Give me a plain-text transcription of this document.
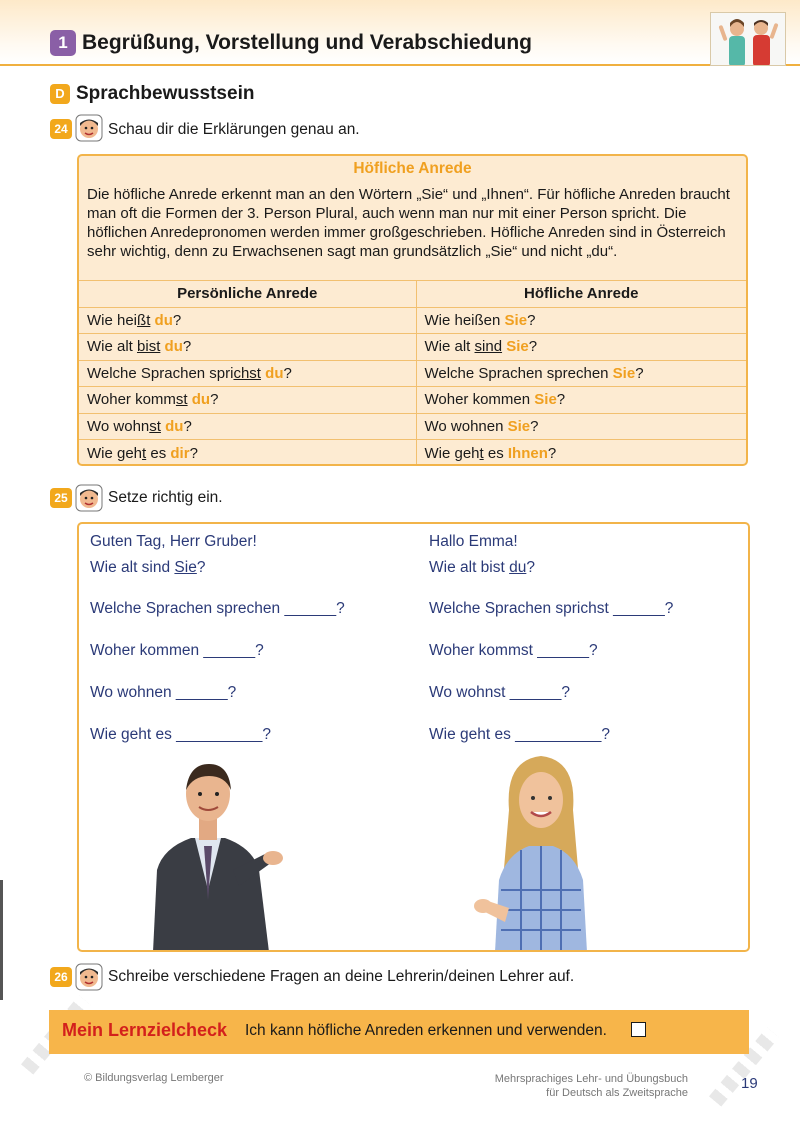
1 Begrüßung, Vorstellung und Verabschiedung
D Sprachbewusstsein
24	Schau dir die Erklärungen genau an.
Höfliche Anrede
Die höfliche Anrede erkennt man an den Wörtern „Sie“ und „Ihnen“. Für höfliche Anreden braucht man oft die Formen der 3. Person Plural, auch wenn man nur mit einer Person spricht. Die höflichen Anredepronomen werden immer großgeschrieben. Höfliche Anreden sind in Österreich sehr wichtig, denn zu Erwachsenen sagt man grundsätzlich „Sie“ und nicht „du“.
Persönliche Anrede	Höfliche Anrede
Wie heißt du?	Wie heißen Sie?
Wie alt bist du?	Wie alt sind Sie?
Welche Sprachen sprichst du?	Welche Sprachen sprechen Sie?
Woher kommst du?	Woher kommen Sie?
Wo wohnst du?	Wo wohnen Sie?
Wie geht es dir?	Wie geht es Ihnen?
25	Setze richtig ein.
Guten Tag, Herr Gruber!
Wie alt sind Sie?
Welche Sprachen sprechen ______?
Woher kommen ______?
Wo wohnen ______?
Wie geht es __________?
Hallo Emma!
Wie alt bist du?
Welche Sprachen sprichst ______?
Woher kommst ______?
Wo wohnst ______?
Wie geht es __________?
26	Schreibe verschiedene Fragen an deine Lehrerin/deinen Lehrer auf.
Mein Lernzielcheck Ich kann höfliche Anreden erkennen und verwenden.
© Bildungsverlag Lemberger	Mehrsprachiges Lehr- und Übungsbuch
für Deutsch als Zweitsprache
19
